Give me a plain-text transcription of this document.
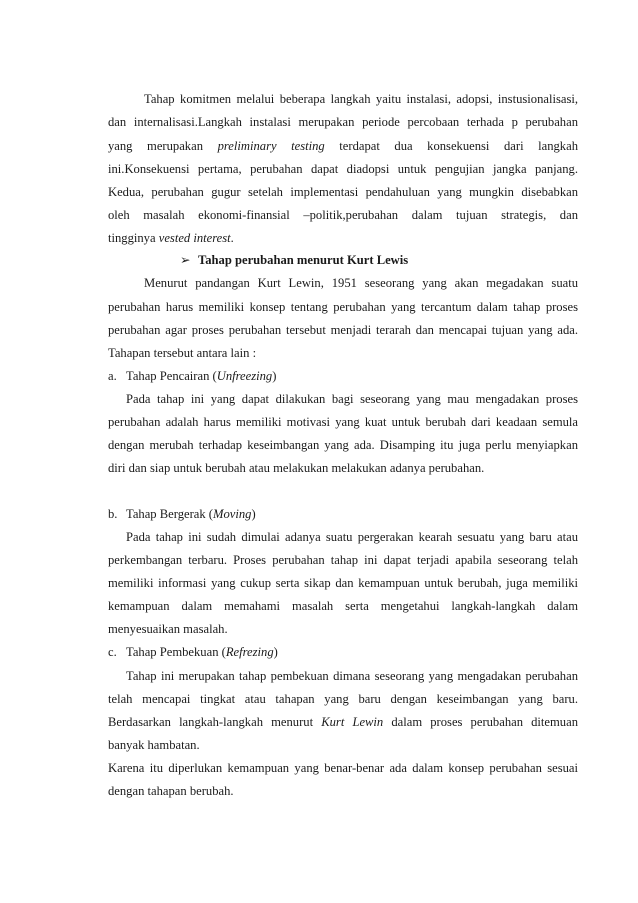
Tahap komitmen melalui beberapa langkah yaitu instalasi, adopsi, instusionalisasi,
dan internalisasi.Langkah instalasi merupakan periode percobaan terhada p perubahan
yang merupakan preliminary testing terdapat dua konsekuensi dari langkah
ini.Konsekuensi pertama, perubahan dapat diadopsi untuk pengujian jangka panjang.
Kedua, perubahan gugur setelah implementasi pendahuluan yang mungkin disebabkan
oleh masalah ekonomi-finansial –politik,perubahan dalam tujuan strategis, dan
tingginya vested interest.
➢ Tahap perubahan menurut Kurt Lewis
Menurut pandangan Kurt Lewin, 1951 seseorang yang akan megadakan suatu
perubahan harus memiliki konsep tentang perubahan yang tercantum dalam tahap proses
perubahan agar proses perubahan tersebut menjadi terarah dan mencapai tujuan yang ada.
Tahapan tersebut antara lain :
a. Tahap Pencairan (Unfreezing)
Pada tahap ini yang dapat dilakukan bagi seseorang yang mau mengadakan proses
perubahan adalah harus memiliki motivasi yang kuat untuk berubah dari keadaan semula
dengan merubah terhadap keseimbangan yang ada. Disamping itu juga perlu menyiapkan
diri dan siap untuk berubah atau melakukan melakukan adanya perubahan.
b. Tahap Bergerak (Moving)
Pada tahap ini sudah dimulai adanya suatu pergerakan kearah sesuatu yang baru atau
perkembangan terbaru. Proses perubahan tahap ini dapat terjadi apabila seseorang telah
memiliki informasi yang cukup serta sikap dan kemampuan untuk berubah, juga memiliki
kemampuan dalam memahami masalah serta mengetahui langkah-langkah dalam
menyesuaikan masalah.
c. Tahap Pembekuan (Refrezing)
Tahap ini merupakan tahap pembekuan dimana seseorang yang mengadakan perubahan
telah mencapai tingkat atau tahapan yang baru dengan keseimbangan yang baru.
Berdasarkan langkah-langkah menurut Kurt Lewin dalam proses perubahan ditemuan
banyak hambatan.
Karena itu diperlukan kemampuan yang benar-benar ada dalam konsep perubahan sesuai
dengan tahapan berubah.
